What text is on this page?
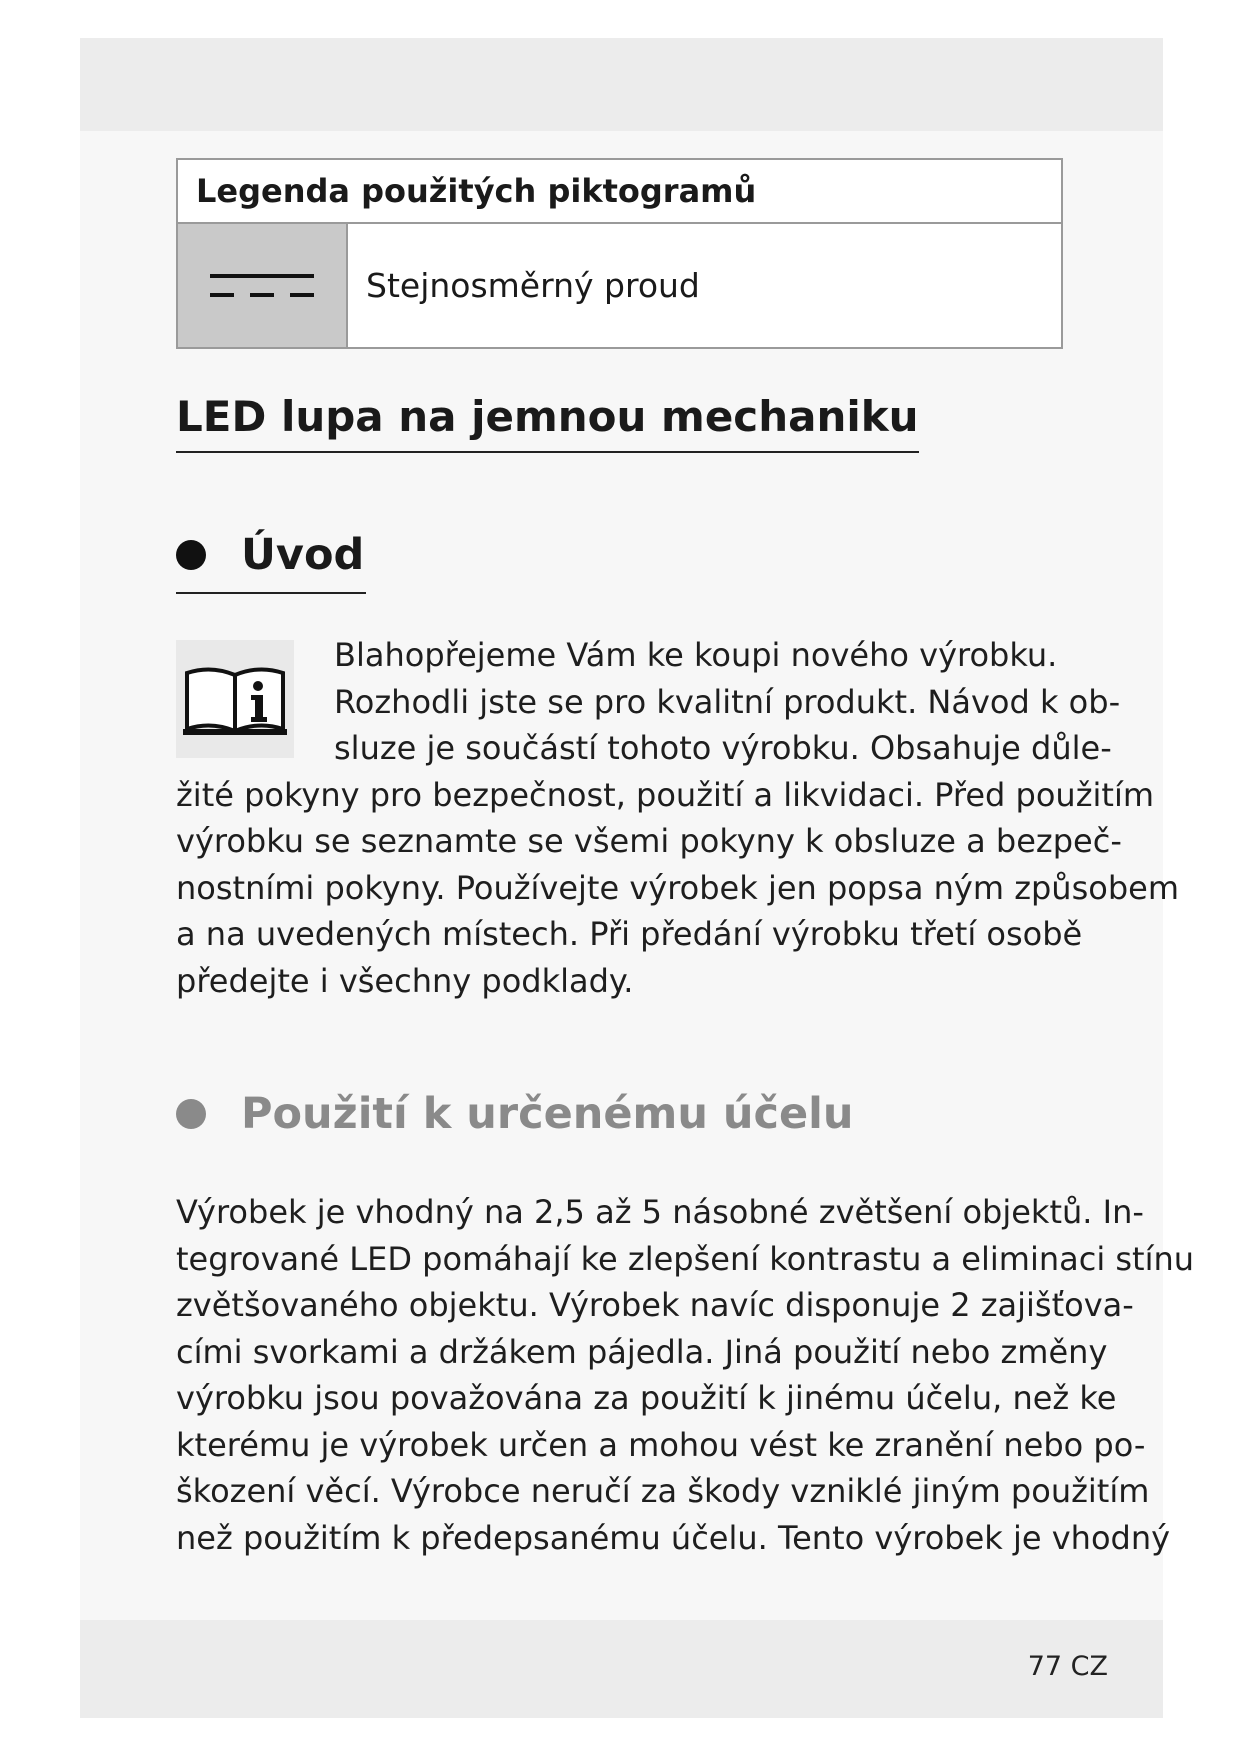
Legenda použitých piktogramů
Stejnosměrný proud
LED lupa na jemnou mechaniku
Úvod
Blahopřejeme Vám ke koupi nového výrobku.
Rozhodli jste se pro kvalitní produkt. Návod k ob-
sluze je součástí tohoto výrobku. Obsahuje důle-
žité pokyny pro bezpečnost, použití a likvidaci. Před použitím
výrobku se seznamte se všemi pokyny k obsluze a bezpeč-
nostními pokyny. Používejte výrobek jen popsa ným způsobem
a na uvedených místech. Při předání výrobku třetí osobě
předejte i všechny podklady.
Použití k určenému účelu
Výrobek je vhodný na 2,5 až 5 násobné zvětšení objektů. In-
tegrované LED pomáhají ke zlepšení kontrastu a eliminaci stínu
zvětšovaného objektu. Výrobek navíc disponuje 2 zajišťova-
cími svorkami a držákem pájedla. Jiná použití nebo změny
výrobku jsou považována za použití k jinému účelu, než ke
kterému je výrobek určen a mohou vést ke zranění nebo po-
škození věcí. Výrobce neručí za škody vzniklé jiným použitím
než použitím k předepsanému účelu. Tento výrobek je vhodný
77 CZ
